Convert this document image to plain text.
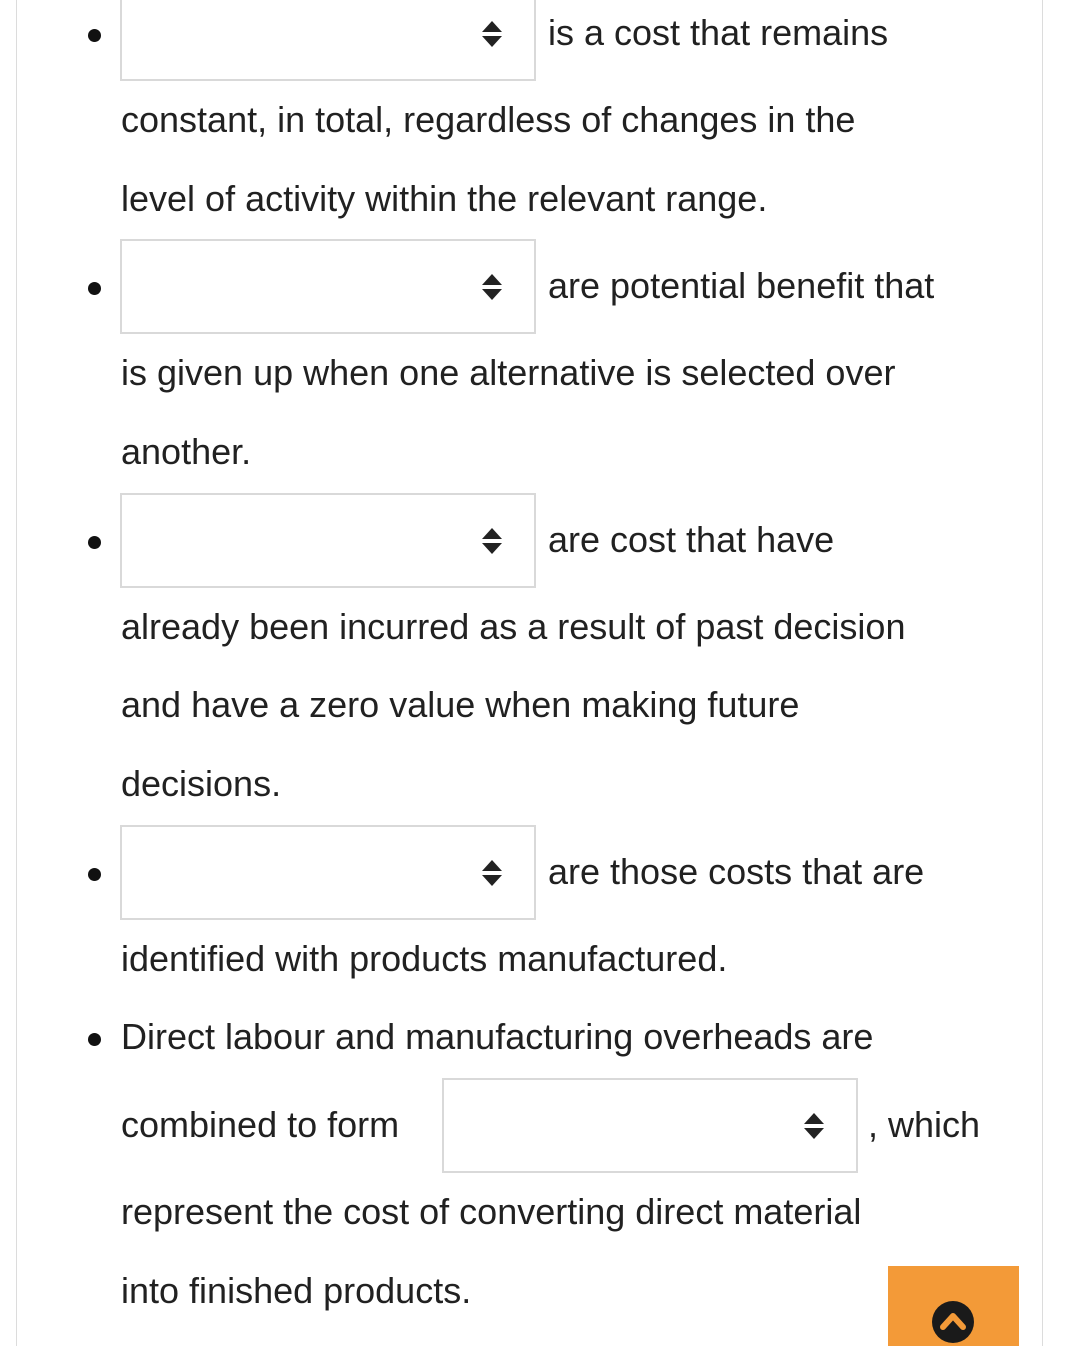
is a cost that remains
constant, in total, regardless of changes in the
level of activity within the relevant range.
are potential benefit that
is given up when one alternative is selected over
another.
are cost that have
already been incurred as a result of past decision
and have a zero value when making future
decisions.
are those costs that are
identified with products manufactured.
Direct labour and manufacturing overheads are
combined to form	, which
represent the cost of converting direct material
into finished products.
